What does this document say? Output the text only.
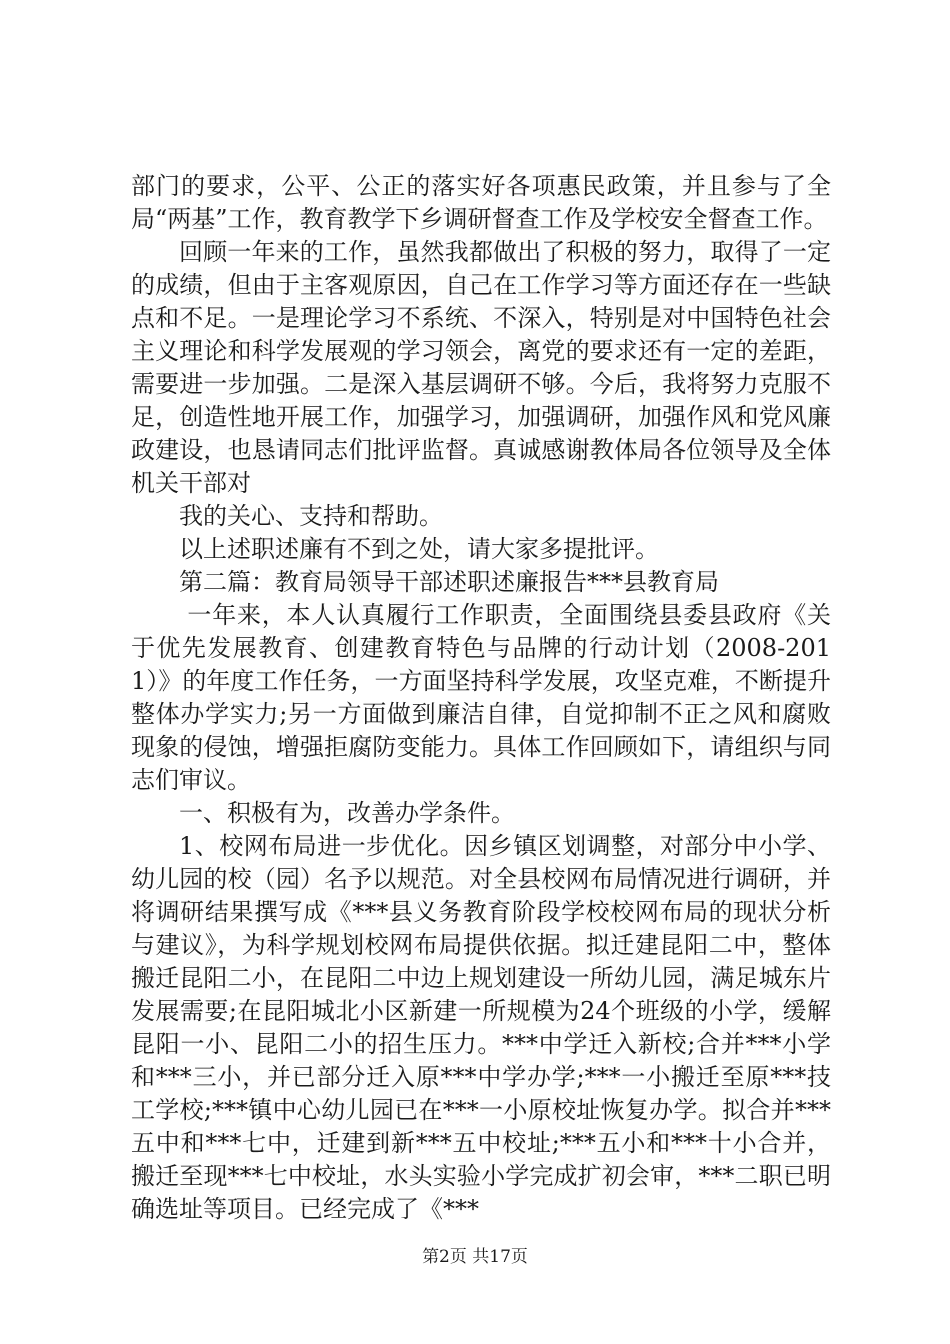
部门的要求，公平、公正的落实好各项惠民政策，并且参与了全局“两基”工作，教育教学下乡调研督查工作及学校安全督查工作。

回顾一年来的工作，虽然我都做出了积极的努力，取得了一定的成绩，但由于主客观原因，自己在工作学习等方面还存在一些缺点和不足。一是理论学习不系统、不深入，特别是对中国特色社会主义理论和科学发展观的学习领会，离党的要求还有一定的差距，需要进一步加强。二是深入基层调研不够。今后，我将努力克服不足，创造性地开展工作，加强学习，加强调研，加强作风和党风廉政建设，也恳请同志们批评监督。真诚感谢教体局各位领导及全体机关干部对

我的关心、支持和帮助。

以上述职述廉有不到之处，请大家多提批评。

第二篇：教育局领导干部述职述廉报告***县教育局

一年来，本人认真履行工作职责，全面围绕县委县政府《关于优先发展教育、创建教育特色与品牌的行动计划（2008-2011）》的年度工作任务，一方面坚持科学发展，攻坚克难，不断提升整体办学实力;另一方面做到廉洁自律，自觉抑制不正之风和腐败现象的侵蚀，增强拒腐防变能力。具体工作回顾如下，请组织与同志们审议。

一、积极有为，改善办学条件。

1、校网布局进一步优化。因乡镇区划调整，对部分中小学、幼儿园的校（园）名予以规范。对全县校网布局情况进行调研，并将调研结果撰写成《***县义务教育阶段学校校网布局的现状分析与建议》，为科学规划校网布局提供依据。拟迁建昆阳二中，整体搬迁昆阳二小，在昆阳二中边上规划建设一所幼儿园，满足城东片发展需要;在昆阳城北小区新建一所规模为24个班级的小学，缓解昆阳一小、昆阳二小的招生压力。***中学迁入新校;合并***小学和***三小，并已部分迁入原***中学办学;***一小搬迁至原***技工学校;***镇中心幼儿园已在***一小原校址恢复办学。拟合并***五中和***七中，迁建到新***五中校址;***五小和***十小合并，搬迁至现***七中校址，水头实验小学完成扩初会审，***二职已明确选址等项目。已经完成了《***

第2页 共17页
